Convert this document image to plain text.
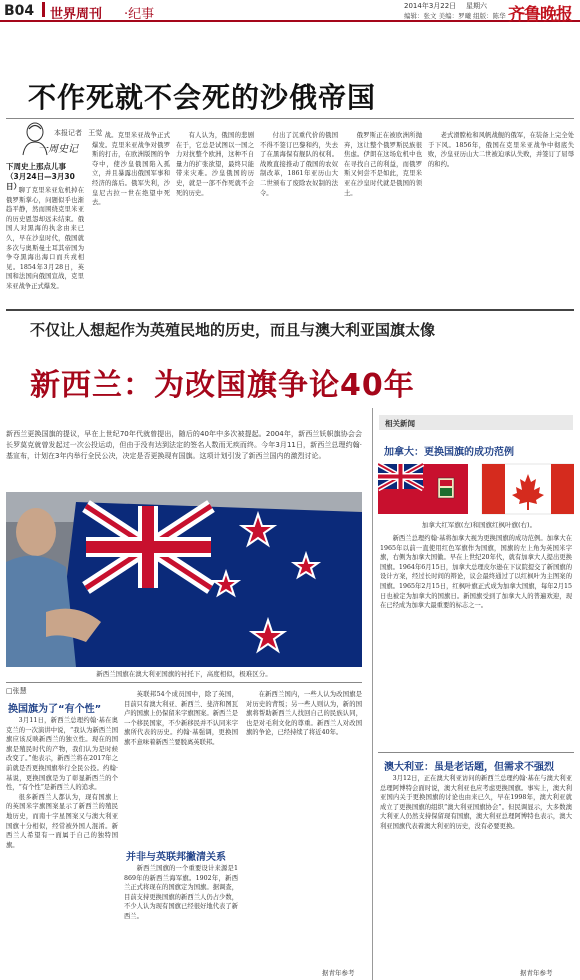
B04 世界周刊 ·纪事
2014年3月22日 星期六
编辑：张文 美编：罗曦 组版：陈华 齐鲁晚报
不作死就不会死的沙俄帝国
本报记者 王觉
一周史记
下周史上那点儿事（3月24日—3月30日）

聊了克里米亚危机掉在俄罗斯掌心，问题似乎也渐趋平静，然而围绕克里米亚的历史恩怨却远未结束。俄国人对黑海的执念由来已久，早在沙皇时代，俄国就多次与奥斯曼土耳其帝国为争夺黑海出海口而兵戎相见。1854年3月28日，英国和法国向俄国宣战，克里米亚战争正式爆发。

战。克里米亚战争正式爆发。克里米亚战争对俄罗斯的打击，在欧洲版图的争夺中，使沙皇俄国陷入孤立，并且暴露出俄国军事和经济的落后。俄军失利，沙皇尼古拉一世在绝望中死去。

有人认为，俄国的悲剧在于，它总是试图以一国之力对抗整个欧洲，这种不自量力的扩张欲望，最终只能带来灾难。沙皇俄国的历史，就是一部不作死就不会死的历史。

付出了沉重代价的俄国不得不签订巴黎和约，失去了在黑海保有舰队的权利。战败直接推动了俄国的农奴制改革，1861年亚历山大二世颁布了废除农奴制的法令。

俄罗斯正在被欧洲所抛弃，这让整个俄罗斯民族很焦虑。伊朗在这场危机中也在寻找自己的利益，而俄罗斯又何尝不是如此，克里米亚在沙皇时代就是俄国的领土。

老式滑膛枪和风帆战舰的俄军，在装备上完全处于下风。1856年，俄国在克里米亚战争中彻底失败，沙皇亚历山大二世被迫承认失败，并签订了屈辱的和约。

不仅让人想起作为英殖民地的历史，而且与澳大利亚国旗太像
新西兰：为改国旗争论40年
新西兰更换国旗的提议，早在上世纪70年代就曾提出，随后的40年中多次被提起。2004年，新西兰妖帜旗协会会长罗莫克就曾发起过一次公投运动，但由于没有达到法定的签名人数而无疾而终。今年3月11日，新西兰总理约翰·基宣布，计划在3年内举行全民公决，决定是否更换现有国旗。这项计划引发了新西兰国内的激烈讨论。
新西兰国旗在澳大利亚国旗的衬托下，高度相似，极难区分。
□张慧
换国旗为了“有个性”

3月11日，新西兰总理约翰·基在奥克兰的一次演讲中说，“我认为新西兰国旗应该反映新西兰的独立性。现在的国旗是殖民时代的产物，我们认为是时候改变了。”他表示，新西兰将在2017年之前就是否更换国旗举行全民公投。约翰·基说，更换国旗是为了彰显新西兰的个性，“有个性”是新西兰人的追求。

很多新西兰人都认为，现有国旗上的英国米字旗图案显示了新西兰的殖民地历史，而南十字星图案又与澳大利亚国旗十分相似，经常被外国人混淆。新西兰人希望有一面属于自己的独特国旗。

英联邦54个成员国中，除了英国，目前只有澳大利亚、新西兰、斐济和图瓦卢的国旗上仍保留米字旗图案。新西兰是一个移民国家，不少新移民并不认同米字旗所代表的历史。约翰·基强调，更换国旗不意味着新西兰要脱离英联邦。

并非与英联邦撇清关系

新西兰国旗的一个重要设计来源是1869年的新西兰海军旗。1902年，新西兰正式将现在的国旗定为国旗。据调查，目前支持更换国旗的新西兰人仍占少数，不少人认为现有国旗已经很好地代表了新西兰。

在新西兰国内，一些人认为改国旗是对历史的背叛；另一些人则认为，新的国旗将帮助新西兰人找回自己的民族认同，也是对毛利文化的尊重。新西兰人对改国旗的争论，已经持续了将近40年。

据青年参考
相关新闻
加拿大：更换国旗的成功范例
加拿大红军旗(左)和国旗红枫叶旗(右)。

新西兰总理约翰·基将加拿大视为更换国旗的成功范例。加拿大在1965年以前一直使用红色军旗作为国旗，国旗的左上角为英国米字旗，右侧为加拿大国徽。早在上世纪20年代，就有加拿大人提出更换国旗。1964年6月15日，加拿大总理皮尔逊在下议院提交了新国旗的设计方案，经过长时间的辩论，议会最终通过了以红枫叶为主图案的国旗。1965年2月15日，红枫叶旗正式成为加拿大国旗，每年2月15日也被定为加拿大的国旗日。新国旗受到了加拿大人的普遍欢迎，现在已经成为加拿大最重要的标志之一。

澳大利亚：虽是老话题，但需求不强烈

3月12日，正在澳大利亚访问的新西兰总理约翰·基在与澳大利亚总理阿博特会面时说，澳大利亚也应考虑更换国旗。事实上，澳大利亚国内关于更换国旗的讨论也由来已久，早在1998年，澳大利亚就成立了更换国旗的组织“澳大利亚国旗协会”。但民调显示，大多数澳大利亚人仍然支持保留现有国旗，澳大利亚总理阿博特也表示，澳大利亚国旗代表着澳大利亚的历史，没有必要更换。

据青年参考
